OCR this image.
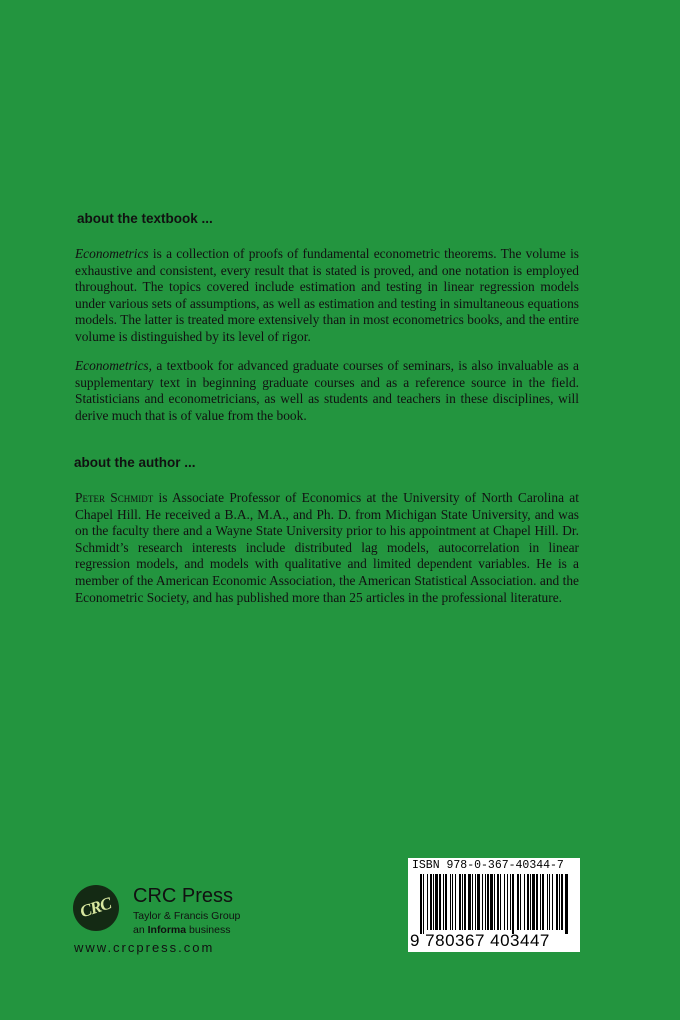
about the textbook ...
Econometrics is a collection of proofs of fundamental econometric theorems. The volume is exhaustive and consistent, every result that is stated is proved, and one notation is employed throughout. The topics covered include estimation and testing in linear regression models under various sets of assumptions, as well as estimation and testing in simultaneous equations models. The latter is treated more extensively than in most econometrics books, and the entire volume is distinguished by its level of rigor.
Econometrics, a textbook for advanced graduate courses of seminars, is also invaluable as a supplementary text in beginning graduate courses and as a reference source in the field. Statisticians and econometricians, as well as students and teachers in these disciplines, will derive much that is of value from the book.
about the author ...
Peter Schmidt is Associate Professor of Economics at the University of North Carolina at Chapel Hill. He received a B.A., M.A., and Ph. D. from Michigan State University, and was on the faculty there and a Wayne State University prior to his appointment at Chapel Hill. Dr. Schmidt’s research interests include distributed lag models, autocorrelation in linear regression models, and models with qualitative and limited dependent variables. He is a member of the American Economic Association, the American Statistical Association. and the Econometric Society, and has published more than 25 articles in the professional literature.
CRC CRC Press
Taylor & Francis Group
an Informa business
www.crcpress.com
ISBN 978-0-367-40344-7
9 780367 403447
